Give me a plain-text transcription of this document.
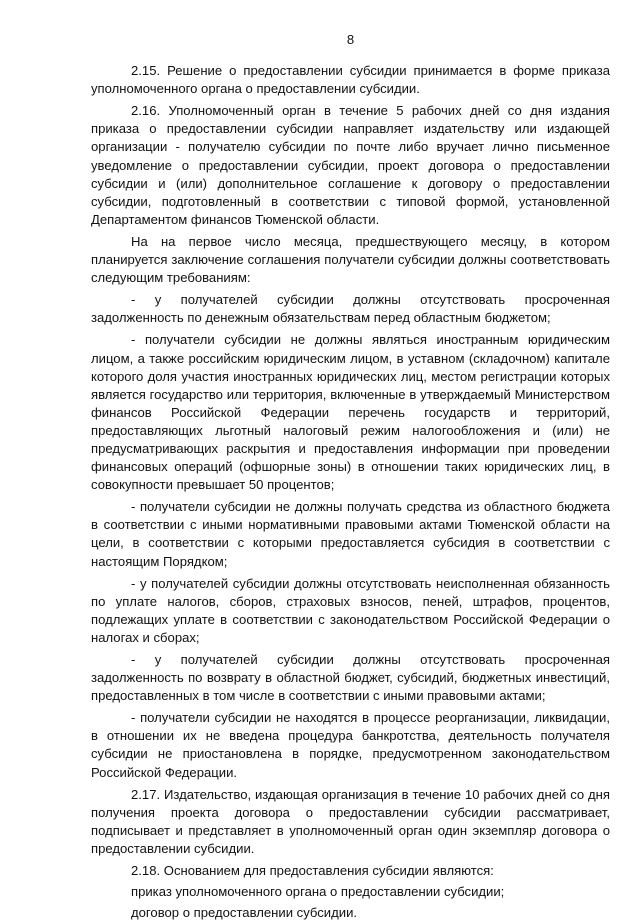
8

2.15. Решение о предоставлении субсидии принимается в форме приказа уполномоченного органа о предоставлении субсидии.

2.16. Уполномоченный орган в течение 5 рабочих дней со дня издания приказа о предоставлении субсидии направляет издательству или издающей организации - получателю субсидии по почте либо вручает лично письменное уведомление о предоставлении субсидии, проект договора о предоставлении субсидии и (или) дополнительное соглашение к договору о предоставлении субсидии, подготовленный в соответствии с типовой формой, установленной Департаментом финансов Тюменской области.

На на первое число месяца, предшествующего месяцу, в котором планируется заключение соглашения получатели субсидии должны соответствовать следующим требованиям:

- у получателей субсидии должны отсутствовать просроченная задолженность по денежным обязательствам перед областным бюджетом;

- получатели субсидии не должны являться иностранным юридическим лицом, а также российским юридическим лицом, в уставном (складочном) капитале которого доля участия иностранных юридических лиц, местом регистрации которых является государство или территория, включенные в утверждаемый Министерством финансов Российской Федерации перечень государств и территорий, предоставляющих льготный налоговый режим налогообложения и (или) не предусматривающих раскрытия и предоставления информации при проведении финансовых операций (офшорные зоны) в отношении таких юридических лиц, в совокупности превышает 50 процентов;

- получатели субсидии не должны получать средства из областного бюджета в соответствии с иными нормативными правовыми актами Тюменской области на цели, в соответствии с которыми предоставляется субсидия в соответствии с настоящим Порядком;

- у получателей субсидии должны отсутствовать неисполненная обязанность по уплате налогов, сборов, страховых взносов, пеней, штрафов, процентов, подлежащих уплате в соответствии с законодательством Российской Федерации о налогах и сборах;

- у получателей субсидии должны отсутствовать просроченная задолженность по возврату в областной бюджет, субсидий, бюджетных инвестиций, предоставленных в том числе в соответствии с иными правовыми актами;

- получатели субсидии не находятся в процессе реорганизации, ликвидации, в отношении их не введена процедура банкротства, деятельность получателя субсидии не приостановлена в порядке, предусмотренном законодательством Российской Федерации.

2.17. Издательство, издающая организация в течение 10 рабочих дней со дня получения проекта договора о предоставлении субсидии рассматривает, подписывает и представляет в уполномоченный орган один экземпляр договора о предоставлении субсидии.

2.18. Основанием для предоставления субсидии являются:

приказ уполномоченного органа о предоставлении субсидии;

договор о предоставлении субсидии.
